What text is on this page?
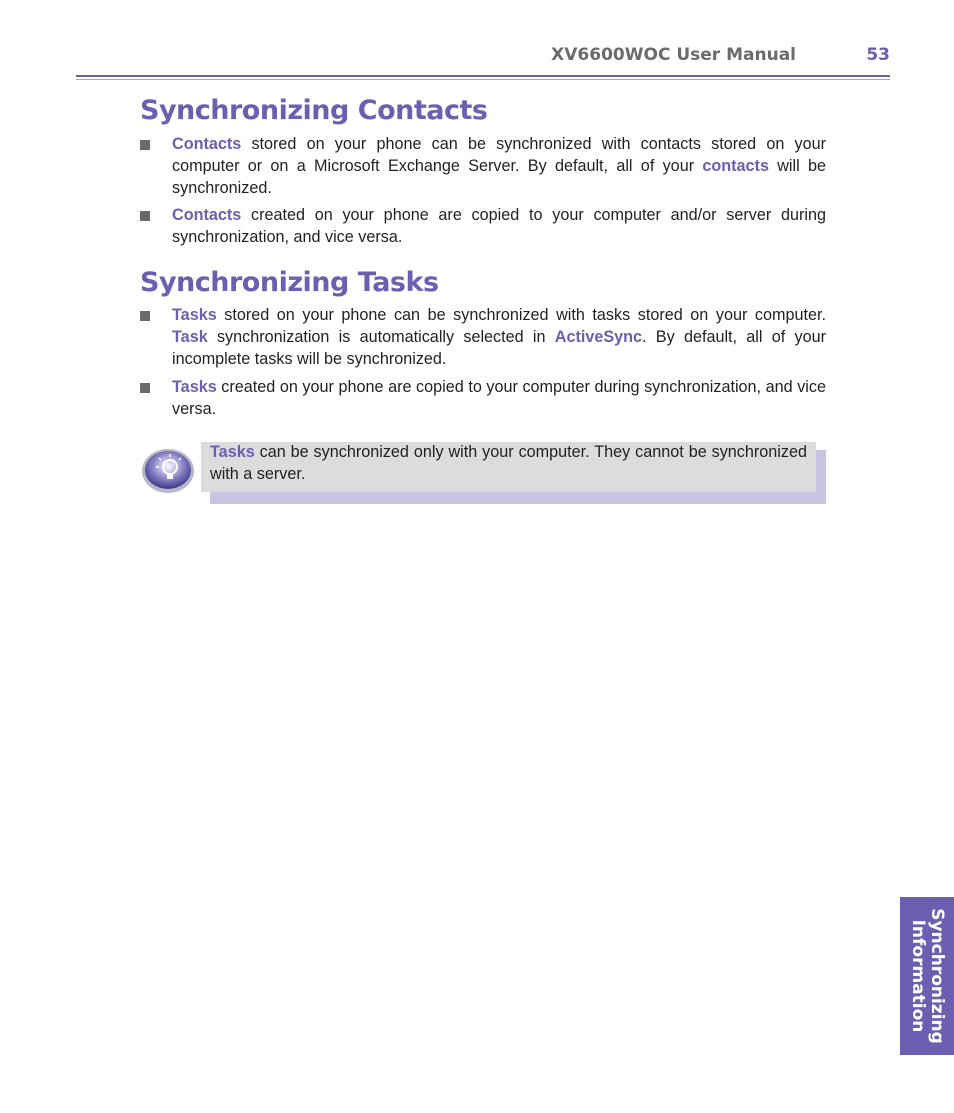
XV6600WOC User Manual	53
Synchronizing Contacts
Contacts stored on your phone can be synchronized with contacts stored on your computer or on a Microsoft Exchange Server. By default, all of your contacts will be synchronized.
Contacts created on your phone are copied to your computer and/or server during synchronization, and vice versa.
Synchronizing Tasks
Tasks stored on your phone can be synchronized with tasks stored on your computer. Task synchronization is automatically selected in ActiveSync. By default, all of your incomplete tasks will be synchronized.
Tasks created on your phone are copied to your computer during synchronization, and vice versa.
Tasks can be synchronized only with your computer. They cannot be synchronized with a server.
Synchronizing
Information
